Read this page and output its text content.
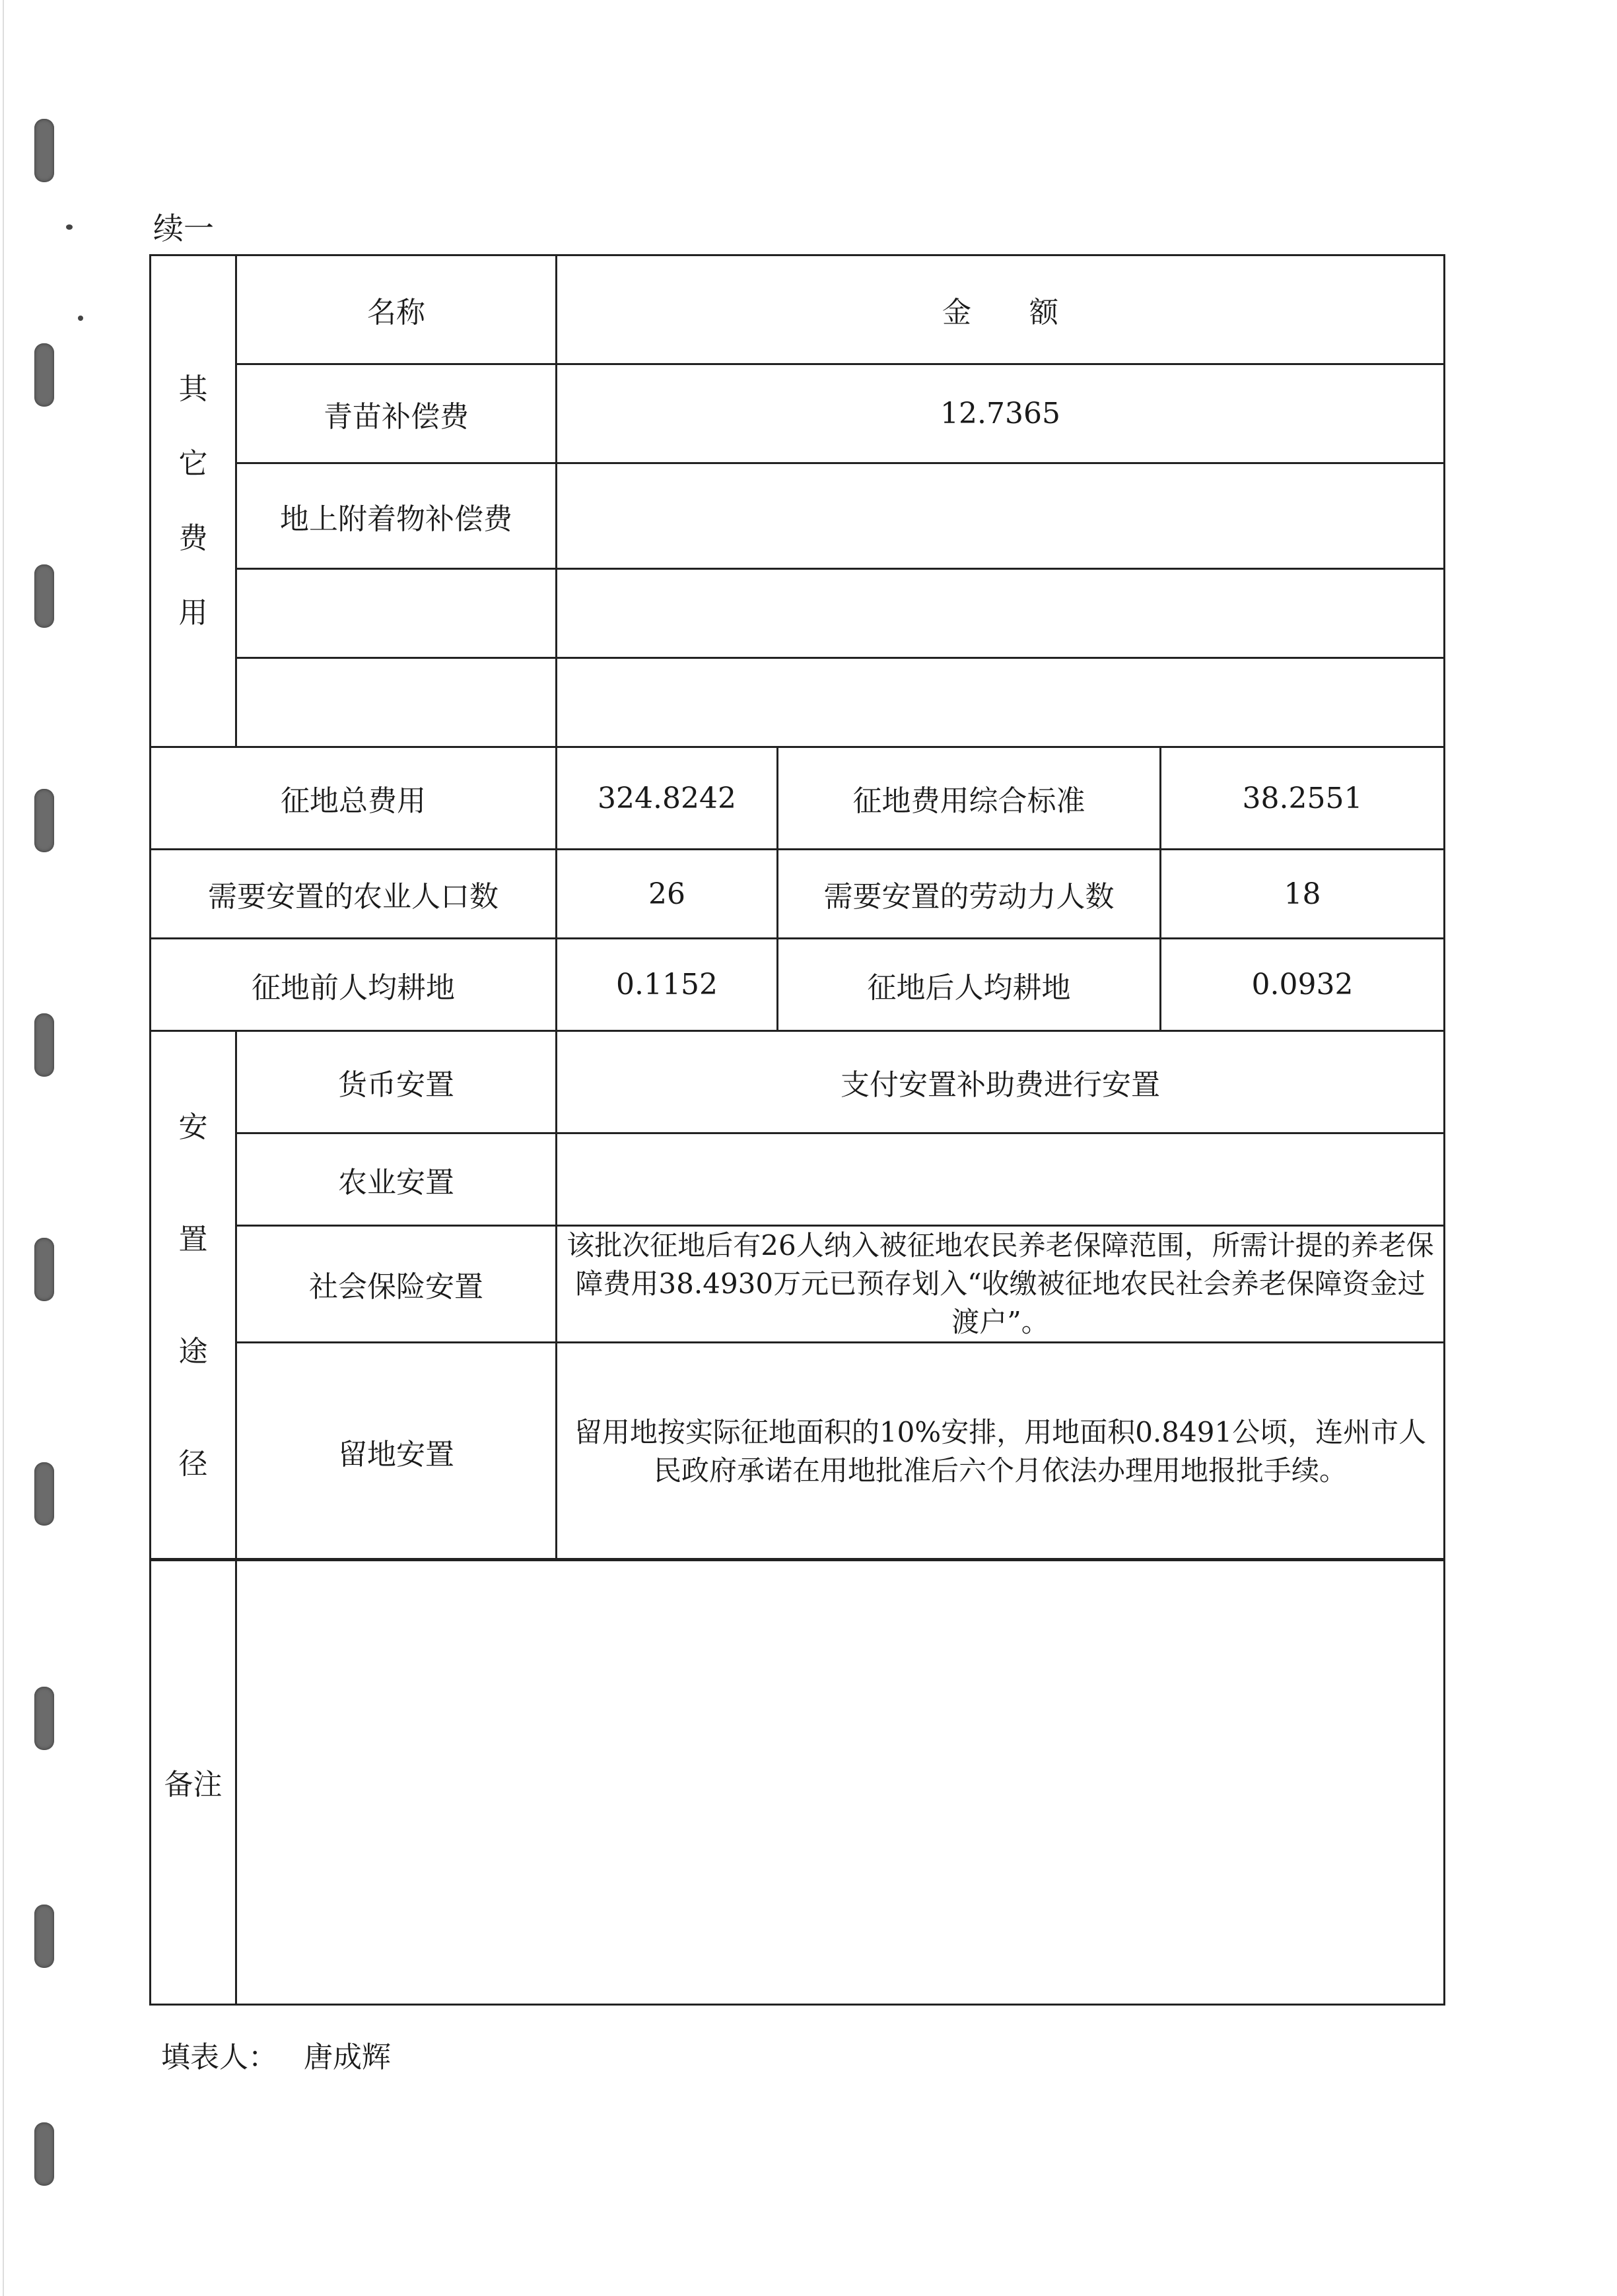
续一
其
它
费
用	名称	金　　额
	青苗补偿费	12.7365
	地上附着物补偿费	

征地总费用	324.8242	征地费用综合标准	38.2551
需要安置的农业人口数	26	需要安置的劳动力人数	18
征地前人均耕地	0.1152	征地后人均耕地	0.0932
安
置
途
径	货币安置	支付安置补助费进行安置
	农业安置	
	社会保险安置	该批次征地后有26人纳入被征地农民养老保障范围，所需计提的养老保障费用38.4930万元已预存划入“收缴被征地农民社会养老保障资金过渡户”。
	留地安置	留用地按实际征地面积的10%安排，用地面积0.8491公顷，连州市人民政府承诺在用地批准后六个月依法办理用地报批手续。
备注	
填表人： 唐成辉
